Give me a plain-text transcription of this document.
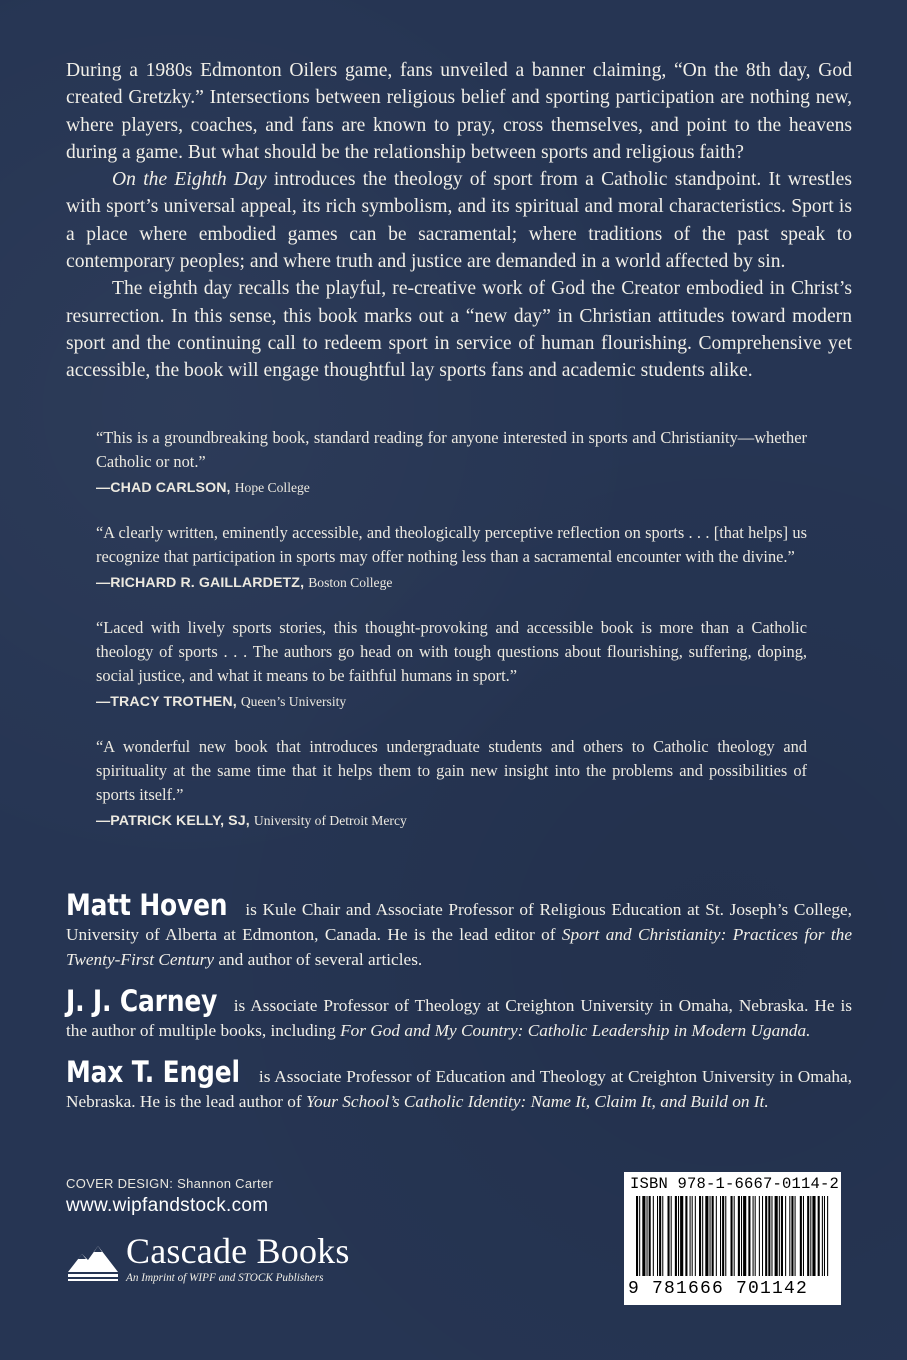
During a 1980s Edmonton Oilers game, fans unveiled a banner claiming, “On the 8th day, God created Gretzky.” Intersections between religious belief and sporting participation are nothing new, where players, coaches, and fans are known to pray, cross themselves, and point to the heavens during a game. But what should be the relationship between sports and religious faith?

On the Eighth Day introduces the theology of sport from a Catholic standpoint. It wrestles with sport’s universal appeal, its rich symbolism, and its spiritual and moral characteristics. Sport is a place where embodied games can be sacramental; where traditions of the past speak to contemporary peoples; and where truth and justice are demanded in a world affected by sin.

The eighth day recalls the playful, re-creative work of God the Creator embodied in Christ’s resurrection. In this sense, this book marks out a “new day” in Christian attitudes toward modern sport and the continuing call to redeem sport in service of human flourishing. Comprehensive yet accessible, the book will engage thoughtful lay sports fans and academic students alike.

“This is a groundbreaking book, standard reading for anyone interested in sports and Christianity—whether Catholic or not.”
—CHAD CARLSON, Hope College
“A clearly written, eminently accessible, and theologically perceptive reflection on sports . . . [that helps] us recognize that participation in sports may offer nothing less than a sacramental encounter with the divine.”
—RICHARD R. GAILLARDETZ, Boston College
“Laced with lively sports stories, this thought-provoking and accessible book is more than a Catholic theology of sports . . . The authors go head on with tough questions about flourishing, suffering, doping, social justice, and what it means to be faithful humans in sport.”
—TRACY TROTHEN, Queen’s University
“A wonderful new book that introduces undergraduate students and others to Catholic theology and spirituality at the same time that it helps them to gain new insight into the problems and possibilities of sports itself.”
—PATRICK KELLY, SJ, University of Detroit Mercy
Matt Hoven is Kule Chair and Associate Professor of Religious Education at St. Joseph’s College, University of Alberta at Edmonton, Canada. He is the lead editor of Sport and Christianity: Practices for the Twenty-First Century and author of several articles.
J. J. Carney is Associate Professor of Theology at Creighton University in Omaha, Nebraska. He is the author of multiple books, including For God and My Country: Catholic Leadership in Modern Uganda.
Max T. Engel is Associate Professor of Education and Theology at Creighton University in Omaha, Nebraska. He is the lead author of Your School’s Catholic Identity: Name It, Claim It, and Build on It.
COVER DESIGN: Shannon Carter
www.wipfandstock.com
Cascade Books
An Imprint of WIPF and STOCK Publishers
ISBN 978-1-6667-0114-2
9 781666 701142
